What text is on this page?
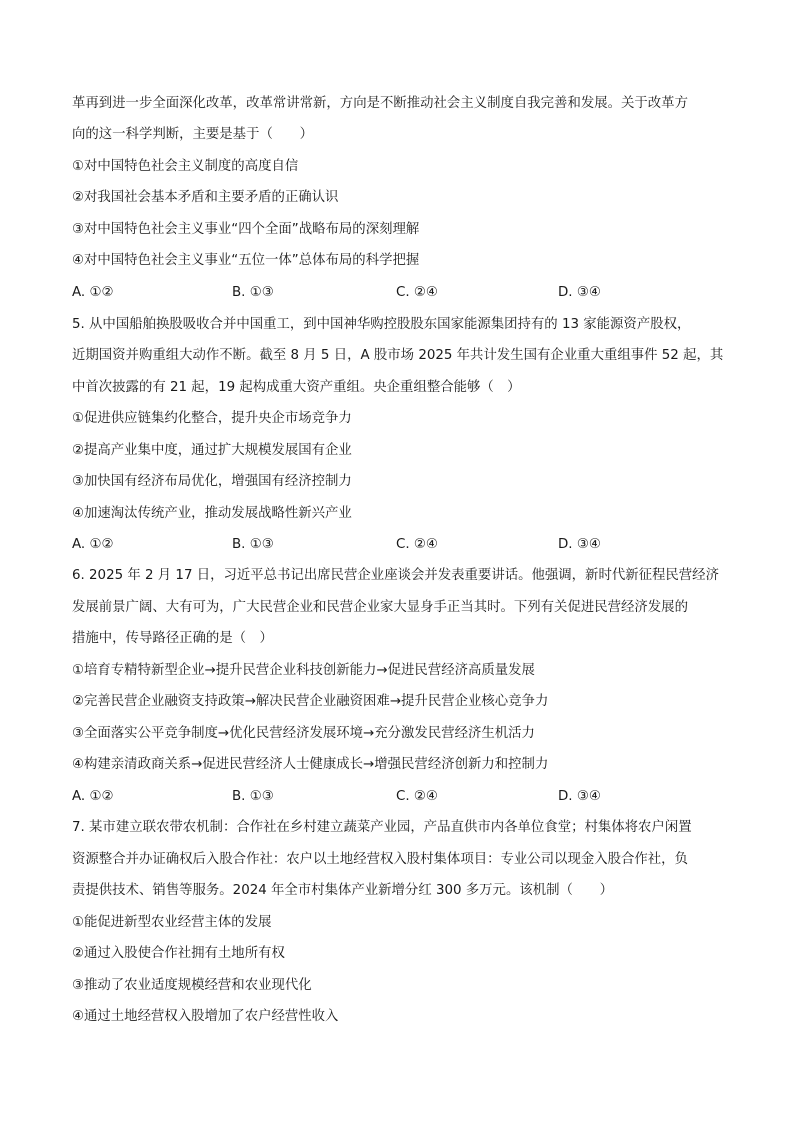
革再到进一步全面深化改革，改革常讲常新，方向是不断推动社会主义制度自我完善和发展。关于改革方
向的这一科学判断，主要是基于（　　）
①对中国特色社会主义制度的高度自信
②对我国社会基本矛盾和主要矛盾的正确认识
③对中国特色社会主义事业“四个全面”战略布局的深刻理解
④对中国特色社会主义事业“五位一体”总体布局的科学把握
A. ①②	B. ①③	C. ②④	D. ③④
5. 从中国船舶换股吸收合并中国重工，到中国神华购控股股东国家能源集团持有的 13 家能源资产股权，
近期国资并购重组大动作不断。截至 8 月 5 日，A 股市场 2025 年共计发生国有企业重大重组事件 52 起，其
中首次披露的有 21 起，19 起构成重大资产重组。央企重组整合能够（　）
①促进供应链集约化整合，提升央企市场竞争力
②提高产业集中度，通过扩大规模发展国有企业
③加快国有经济布局优化，增强国有经济控制力
④加速淘汰传统产业，推动发展战略性新兴产业
A. ①②	B. ①③	C. ②④	D. ③④
6. 2025 年 2 月 17 日，习近平总书记出席民营企业座谈会并发表重要讲话。他强调，新时代新征程民营经济
发展前景广阔、大有可为，广大民营企业和民营企业家大显身手正当其时。下列有关促进民营经济发展的
措施中，传导路径正确的是（　）
①培育专精特新型企业→提升民营企业科技创新能力→促进民营经济高质量发展
②完善民营企业融资支持政策→解决民营企业融资困难→提升民营企业核心竞争力
③全面落实公平竞争制度→优化民营经济发展环境→充分激发民营经济生机活力
④构建亲清政商关系→促进民营经济人士健康成长→增强民营经济创新力和控制力
A. ①②	B. ①③	C. ②④	D. ③④
7. 某市建立联农带农机制：合作社在乡村建立蔬菜产业园，产品直供市内各单位食堂；村集体将农户闲置
资源整合并办证确权后入股合作社：农户以土地经营权入股村集体项目：专业公司以现金入股合作社，负
责提供技术、销售等服务。2024 年全市村集体产业新增分红 300 多万元。该机制（　　）
①能促进新型农业经营主体的发展
②通过入股使合作社拥有土地所有权
③推动了农业适度规模经营和农业现代化
④通过土地经营权入股增加了农户经营性收入
